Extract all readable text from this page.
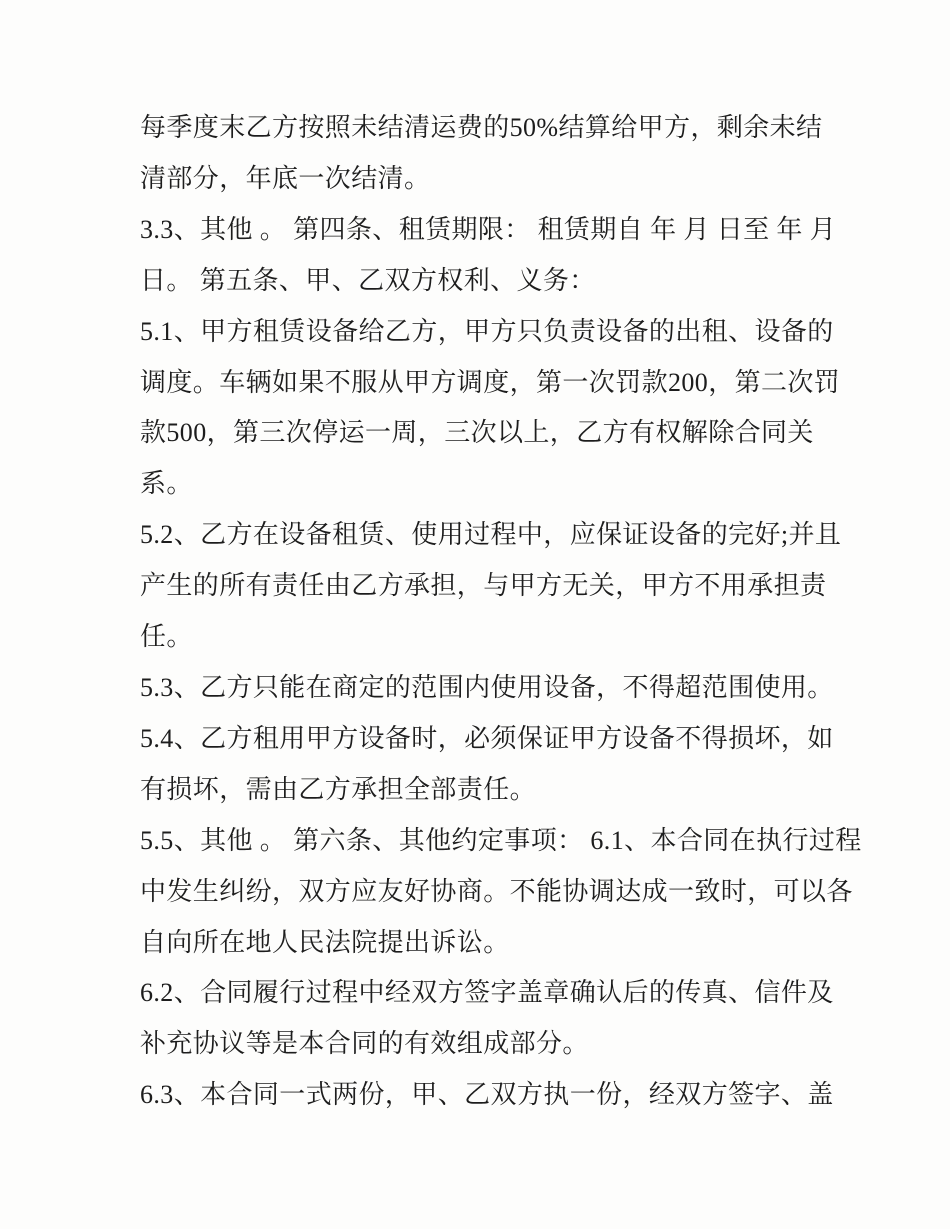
每季度末乙方按照未结清运费的50%结算给甲方，剩余未结
清部分，年底一次结清。
3.3、其他 。 第四条、租赁期限： 租赁期自 年 月 日至 年 月
日。 第五条、甲、乙双方权利、义务：
5.1、甲方租赁设备给乙方，甲方只负责设备的出租、设备的
调度。车辆如果不服从甲方调度，第一次罚款200，第二次罚
款500，第三次停运一周，三次以上，乙方有权解除合同关
系。
5.2、乙方在设备租赁、使用过程中，应保证设备的完好;并且
产生的所有责任由乙方承担，与甲方无关，甲方不用承担责
任。
5.3、乙方只能在商定的范围内使用设备，不得超范围使用。
5.4、乙方租用甲方设备时，必须保证甲方设备不得损坏，如
有损坏，需由乙方承担全部责任。
5.5、其他 。 第六条、其他约定事项： 6.1、本合同在执行过程
中发生纠纷，双方应友好协商。不能协调达成一致时，可以各
自向所在地人民法院提出诉讼。
6.2、合同履行过程中经双方签字盖章确认后的传真、信件及
补充协议等是本合同的有效组成部分。
6.3、本合同一式两份，甲、乙双方执一份，经双方签字、盖
